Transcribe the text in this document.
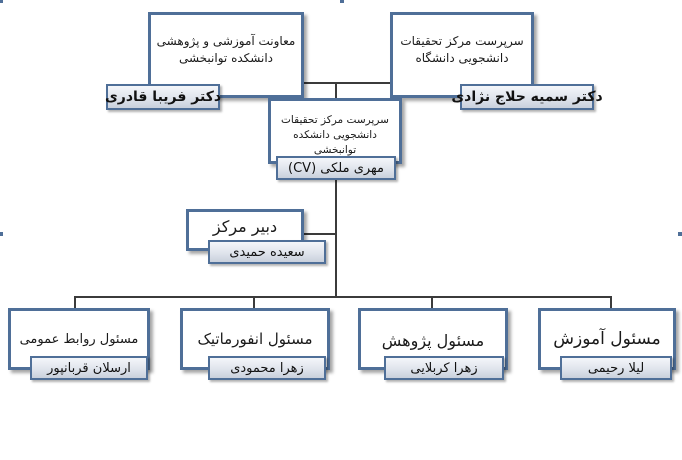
معاونت آموزشی و پژوهشی
دانشکده توانبخشی
دکتر فریبا قادری
سرپرست مرکز تحقیقات
دانشجویی دانشگاه
دکتر سمیه حلاج نژادی
سرپرست مرکز تحقیقات
دانشجویی دانشکده توانبخشی
مهری ملکی (CV)
دبیر مرکز
سعیده حمیدی
مسئول روابط عمومی
ارسلان قربانپور
مسئول انفورماتیک
زهرا محمودی
مسئول پژوهش
زهرا کربلایی
مسئول آموزش
لیلا رحیمی
